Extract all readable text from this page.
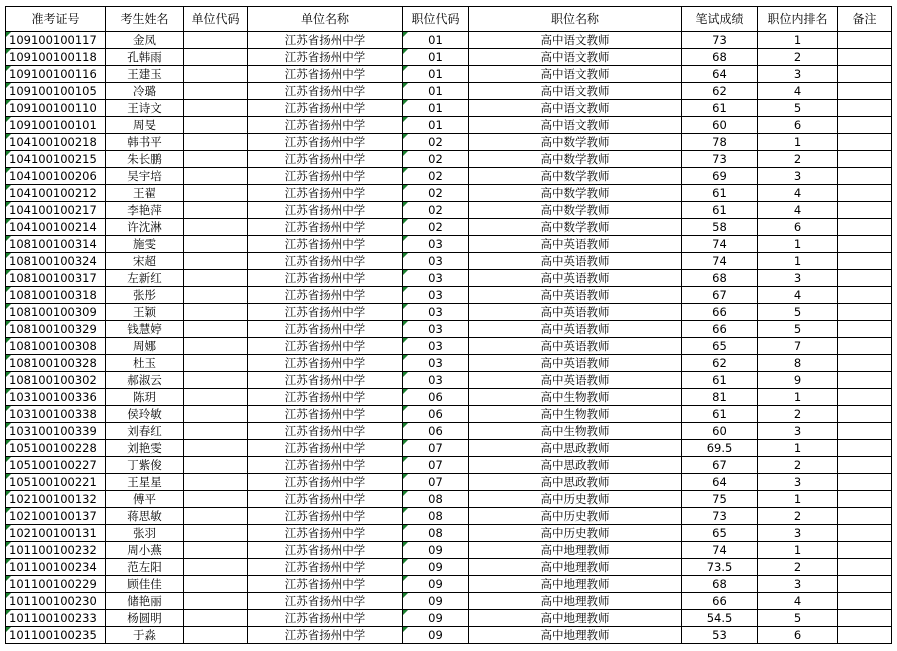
准考证号	考生姓名	单位代码	单位名称	职位代码	职位名称	笔试成绩	职位内排名	备注
109100100117	金凤		江苏省扬州中学	01	高中语文教师	73	1	
109100100118	孔韩雨		江苏省扬州中学	01	高中语文教师	68	2	
109100100116	王建玉		江苏省扬州中学	01	高中语文教师	64	3	
109100100105	冷璐		江苏省扬州中学	01	高中语文教师	62	4	
109100100110	王诗文		江苏省扬州中学	01	高中语文教师	61	5	
109100100101	周旻		江苏省扬州中学	01	高中语文教师	60	6	
104100100218	韩书平		江苏省扬州中学	02	高中数学教师	78	1	
104100100215	朱长鹏		江苏省扬州中学	02	高中数学教师	73	2	
104100100206	吴宇培		江苏省扬州中学	02	高中数学教师	69	3	
104100100212	王翟		江苏省扬州中学	02	高中数学教师	61	4	
104100100217	李艳萍		江苏省扬州中学	02	高中数学教师	61	4	
104100100214	许沈淋		江苏省扬州中学	02	高中数学教师	58	6	
108100100314	施雯		江苏省扬州中学	03	高中英语教师	74	1	
108100100324	宋超		江苏省扬州中学	03	高中英语教师	74	1	
108100100317	左新红		江苏省扬州中学	03	高中英语教师	68	3	
108100100318	张彤		江苏省扬州中学	03	高中英语教师	67	4	
108100100309	王颖		江苏省扬州中学	03	高中英语教师	66	5	
108100100329	钱慧婷		江苏省扬州中学	03	高中英语教师	66	5	
108100100308	周娜		江苏省扬州中学	03	高中英语教师	65	7	
108100100328	杜玉		江苏省扬州中学	03	高中英语教师	62	8	
108100100302	郝淑云		江苏省扬州中学	03	高中英语教师	61	9	
103100100336	陈玥		江苏省扬州中学	06	高中生物教师	81	1	
103100100338	侯玲敏		江苏省扬州中学	06	高中生物教师	61	2	
103100100339	刘春红		江苏省扬州中学	06	高中生物教师	60	3	
105100100228	刘艳雯		江苏省扬州中学	07	高中思政教师	69.5	1	
105100100227	丁紫俊		江苏省扬州中学	07	高中思政教师	67	2	
105100100221	王星星		江苏省扬州中学	07	高中思政教师	64	3	
102100100132	傅平		江苏省扬州中学	08	高中历史教师	75	1	
102100100137	蒋思敏		江苏省扬州中学	08	高中历史教师	73	2	
102100100131	张羽		江苏省扬州中学	08	高中历史教师	65	3	
101100100232	周小燕		江苏省扬州中学	09	高中地理教师	74	1	
101100100234	范左阳		江苏省扬州中学	09	高中地理教师	73.5	2	
101100100229	顾佳佳		江苏省扬州中学	09	高中地理教师	68	3	
101100100230	储艳丽		江苏省扬州中学	09	高中地理教师	66	4	
101100100233	杨圆明		江苏省扬州中学	09	高中地理教师	54.5	5	
101100100235	于淼		江苏省扬州中学	09	高中地理教师	53	6	
